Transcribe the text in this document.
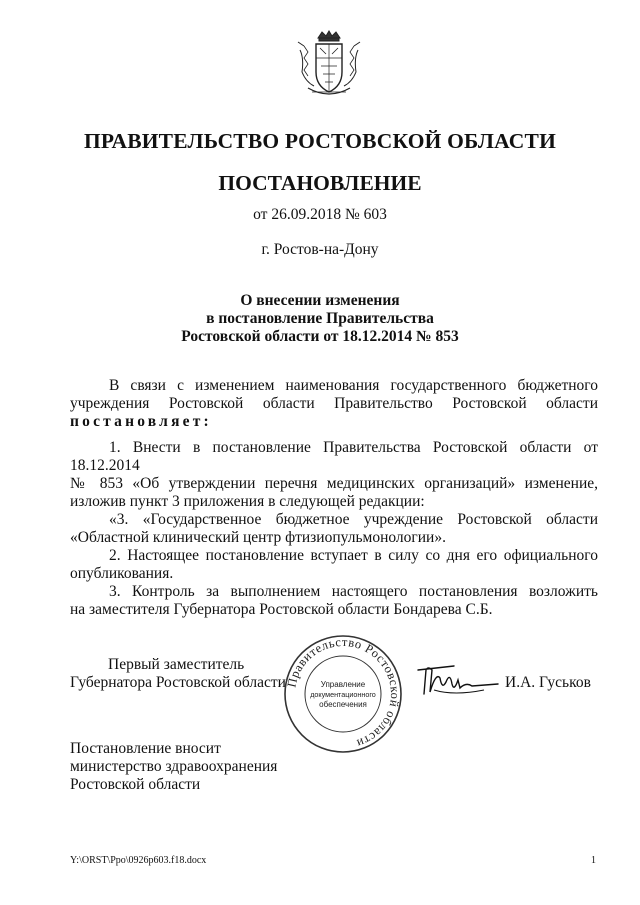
ПРАВИТЕЛЬСТВО РОСТОВСКОЙ ОБЛАСТИ
ПОСТАНОВЛЕНИЕ
от 26.09.2018 № 603
г. Ростов-на-Дону
О внесении изменения
в постановление Правительства
Ростовской области от 18.12.2014 № 853

В связи с изменением наименования государственного бюджетного

учреждения Ростовской области Правительство Ростовской области

постановляет:

1. Внести в постановление Правительства Ростовской области от 18.12.2014

№ 853 «Об утверждении перечня медицинских организаций» изменение,

изложив пункт 3 приложения в следующей редакции:

«3. «Государственное бюджетное учреждение Ростовской области

«Областной клинический центр фтизиопульмонологии».

2. Настоящее постановление вступает в силу со дня его официального

опубликования.

3. Контроль за выполнением настоящего постановления возложить

на заместителя Губернатора Ростовской области Бондарева С.Б.

Первый заместитель
Губернатора Ростовской области
Правительство Ростовской области
Управление
документационного
обеспечения
И.А. Гуськов
Постановление вносит
министерство здравоохранения
Ростовской области
Y:\ORST\Ppo\0926p603.f18.docx	1
